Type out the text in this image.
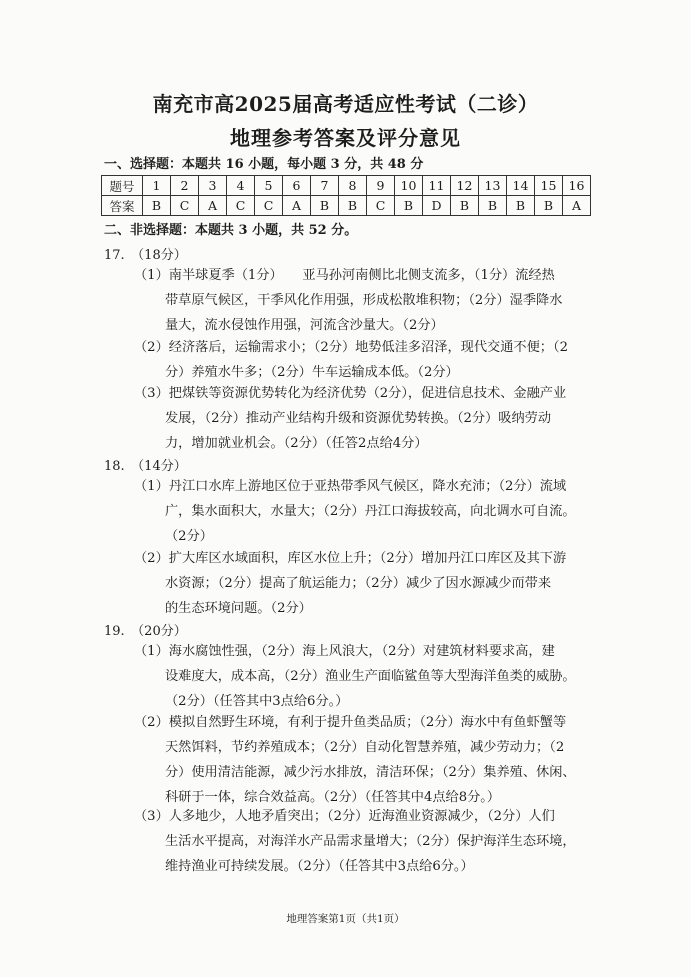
南充市高2025届高考适应性考试（二诊）
地理参考答案及评分意见
一、选择题：本题共 16 小题，每小题 3 分，共 48 分
题号	1	2	3	4	5	6	7	8	9	10	11	12	13	14	15	16
答案	B	C	A	C	C	A	B	B	C	B	D	B	B	B	B	A
二、非选择题：本题共 3 小题，共 52 分。
17.　（18分）
（1）南半球夏季（1分）　　亚马孙河南侧比北侧支流多，（1分）流经热
带草原气候区，干季风化作用强，形成松散堆积物；（2分）湿季降水
量大，流水侵蚀作用强，河流含沙量大。（2分）
（2）经济落后，运输需求小；（2分）地势低洼多沼泽，现代交通不便；（2
分）养殖水牛多；（2分）牛车运输成本低。（2分）
（3）把煤铁等资源优势转化为经济优势（2分），促进信息技术、金融产业
发展，（2分）推动产业结构升级和资源优势转换。（2分）吸纳劳动
力，增加就业机会。（2分）（任答2点给4分）
18.　（14分）
（1）丹江口水库上游地区位于亚热带季风气候区，降水充沛；（2分）流域
广，集水面积大，水量大；（2分）丹江口海拔较高，向北调水可自流。
（2分）
（2）扩大库区水域面积，库区水位上升；（2分）增加丹江口库区及其下游
水资源；（2分）提高了航运能力；（2分）减少了因水源减少而带来
的生态环境问题。（2分）
19.　（20分）
（1）海水腐蚀性强，（2分）海上风浪大，（2分）对建筑材料要求高，建
设难度大，成本高，（2分）渔业生产面临鲨鱼等大型海洋鱼类的威胁。
（2分）（任答其中3点给6分。）
（2）模拟自然野生环境，有利于提升鱼类品质；（2分）海水中有鱼虾蟹等
天然饵料，节约养殖成本；（2分）自动化智慧养殖，减少劳动力；（2
分）使用清洁能源，减少污水排放，清洁环保；（2分）集养殖、休闲、
科研于一体，综合效益高。（2分）（任答其中4点给8分。）
（3）人多地少，人地矛盾突出；（2分）近海渔业资源减少，（2分）人们
生活水平提高，对海洋水产品需求量增大；（2分）保护海洋生态环境，
维持渔业可持续发展。（2分）（任答其中3点给6分。）
地理答案第1页（共1页）
